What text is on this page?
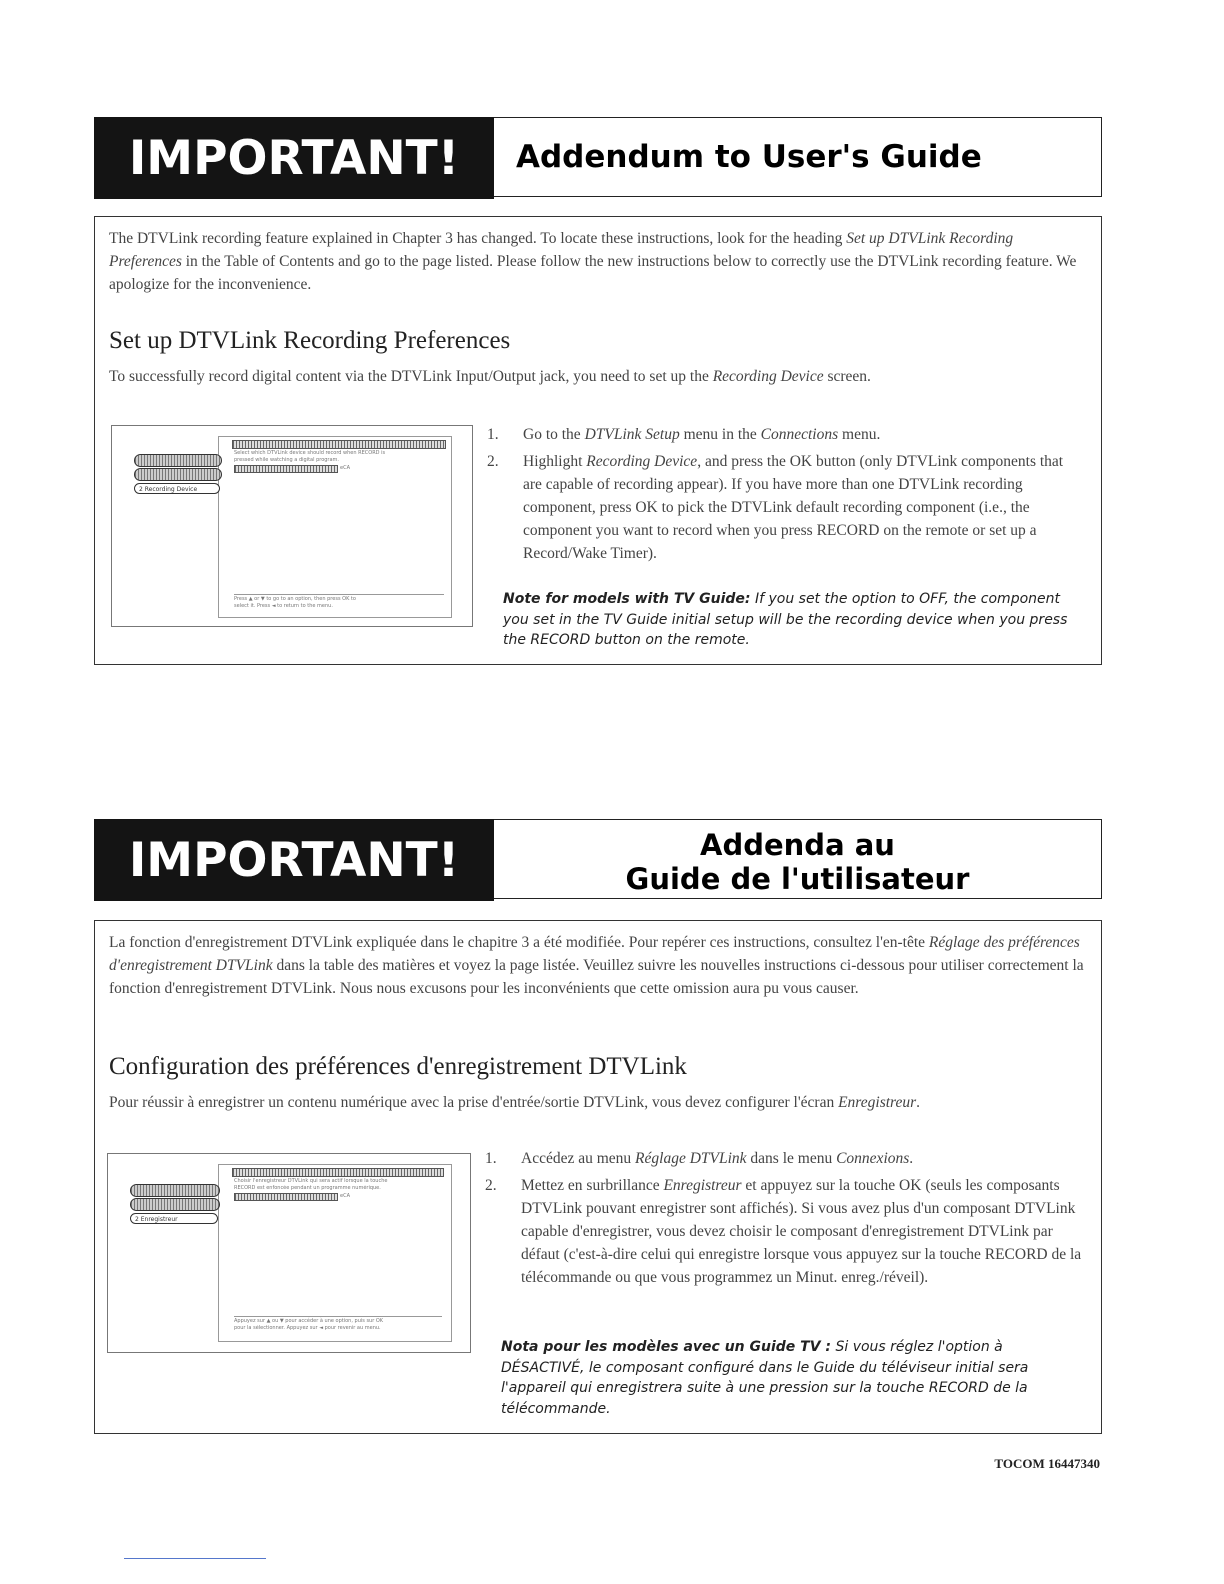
IMPORTANT!	Addendum to User's Guide

The DTVLink recording feature explained in Chapter 3 has changed. To locate these instructions, look for the heading Set up DTVLink Recording Preferences in the Table of Contents and go to the page listed. Please follow the new instructions below to correctly use the DTVLink recording feature. We apologize for the inconvenience.

Set up DTVLink Recording Preferences

To successfully record digital content via the DTVLink Input/Output jack, you need to set up the Recording Device screen.

Select which DTVLink device should record when RECORD is
pressed while watching a digital program.
eCA
2 Recording Device
Press ▲ or ▼ to go to an option, then press OK to
select it. Press ◄ to return to the menu.
1. Go to the DTVLink Setup menu in the Connections menu.
2. Highlight Recording Device, and press the OK button (only DTVLink components that are capable of recording appear). If you have more than one DTVLink recording component, press OK to pick the DTVLink default recording component (i.e., the component you want to record when you press RECORD on the remote or set up a Record/Wake Timer).

Note for models with TV Guide: If you set the option to OFF, the component you set in the TV Guide initial setup will be the recording device when you press the RECORD button on the remote.

IMPORTANT!	Addenda au
Guide de l'utilisateur

La fonction d'enregistrement DTVLink expliquée dans le chapitre 3 a été modifiée. Pour repérer ces instructions, consultez l'en-tête Réglage des préférences d'enregistrement DTVLink dans la table des matières et voyez la page listée. Veuillez suivre les nouvelles instructions ci-dessous pour utiliser correctement la fonction d'enregistrement DTVLink. Nous nous excusons pour les inconvénients que cette omission aura pu vous causer.

Configuration des préférences d'enregistrement DTVLink

Pour réussir à enregistrer un contenu numérique avec la prise d'entrée/sortie DTVLink, vous devez configurer l'écran Enregistreur.

Choisir l'enregistreur DTVLink qui sera actif lorsque la touche
RECORD est enfoncée pendant un programme numérique.
eCA
2 Enregistreur
Appuyez sur ▲ ou ▼ pour accéder à une option, puis sur OK
pour la sélectionner. Appuyez sur ◄ pour revenir au menu.
1. Accédez au menu Réglage DTVLink dans le menu Connexions.
2. Mettez en surbrillance Enregistreur et appuyez sur la touche OK (seuls les composants DTVLink pouvant enregistrer sont affichés). Si vous avez plus d'un composant DTVLink capable d'enregistrer, vous devez choisir le composant d'enregistrement DTVLink par défaut (c'est-à-dire celui qui enregistre lorsque vous appuyez sur la touche RECORD de la télécommande ou que vous programmez un Minut. enreg./réveil).

Nota pour les modèles avec un Guide TV : Si vous réglez l'option à DÉSACTIVÉ, le composant configuré dans le Guide du téléviseur initial sera l'appareil qui enregistrera suite à une pression sur la touche RECORD de la télécommande.

TOCOM 16447340
